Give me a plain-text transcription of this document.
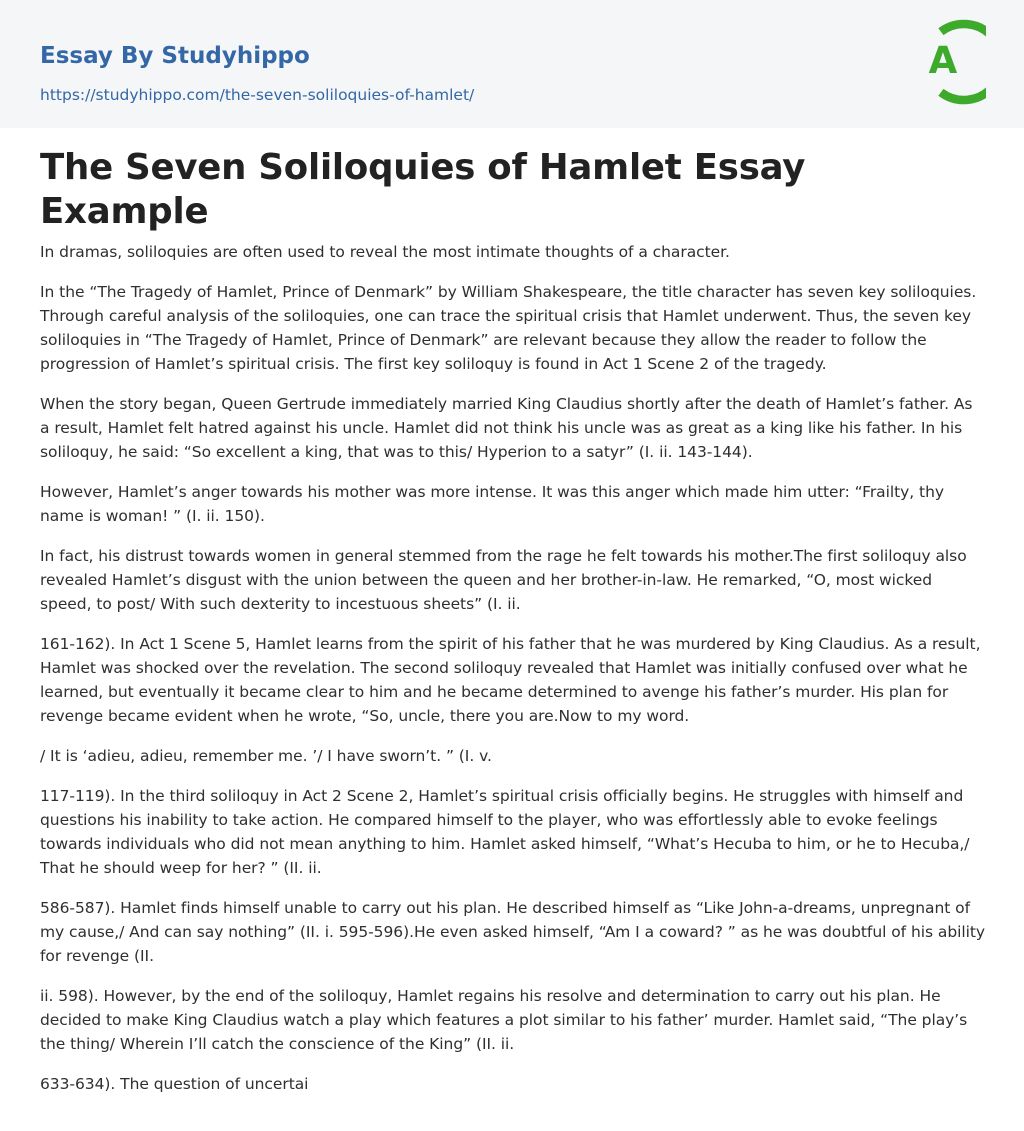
Essay By Studyhippo

https://studyhippo.com/the-seven-soliloquies-of-hamlet/
A
The Seven Soliloquies of Hamlet Essay Example

In dramas, soliloquies are often used to reveal the most intimate thoughts of a character.

In the “The Tragedy of Hamlet, Prince of Denmark” by William Shakespeare, the title character has seven key soliloquies. Through careful analysis of the soliloquies, one can trace the spiritual crisis that Hamlet underwent. Thus, the seven key soliloquies in “The Tragedy of Hamlet, Prince of Denmark” are relevant because they allow the reader to follow the progression of Hamlet’s spiritual crisis. The first key soliloquy is found in Act 1 Scene 2 of the tragedy.

When the story began, Queen Gertrude immediately married King Claudius shortly after the death of Hamlet’s father. As a result, Hamlet felt hatred against his uncle. Hamlet did not think his uncle was as great as a king like his father. In his soliloquy, he said: “So excellent a king, that was to this/ Hyperion to a satyr” (I. ii. 143-144).

However, Hamlet’s anger towards his mother was more intense. It was this anger which made him utter: “Frailty, thy name is woman! ” (I. ii. 150).

In fact, his distrust towards women in general stemmed from the rage he felt towards his mother.The first soliloquy also revealed Hamlet’s disgust with the union between the queen and her brother-in-law. He remarked, “O, most wicked speed, to post/ With such dexterity to incestuous sheets” (I. ii.

161-162). In Act 1 Scene 5, Hamlet learns from the spirit of his father that he was murdered by King Claudius. As a result, Hamlet was shocked over the revelation. The second soliloquy revealed that Hamlet was initially confused over what he learned, but eventually it became clear to him and he became determined to avenge his father’s murder. His plan for revenge became evident when he wrote, “So, uncle, there you are.Now to my word.

/ It is ‘adieu, adieu, remember me. ’/ I have sworn’t. ” (I. v.

117-119). In the third soliloquy in Act 2 Scene 2, Hamlet’s spiritual crisis officially begins. He struggles with himself and questions his inability to take action. He compared himself to the player, who was effortlessly able to evoke feelings towards individuals who did not mean anything to him. Hamlet asked himself, “What’s Hecuba to him, or he to Hecuba,/ That he should weep for her? ” (II. ii.

586-587). Hamlet finds himself unable to carry out his plan. He described himself as “Like John-a-dreams, unpregnant of my cause,/ And can say nothing” (II. i. 595-596).He even asked himself, “Am I a coward? ” as he was doubtful of his ability for revenge (II.

ii. 598). However, by the end of the soliloquy, Hamlet regains his resolve and determination to carry out his plan. He decided to make King Claudius watch a play which features a plot similar to his father’ murder. Hamlet said, “The play’s the thing/ Wherein I’ll catch the conscience of the King” (II. ii.

633-634). The question of uncertai
